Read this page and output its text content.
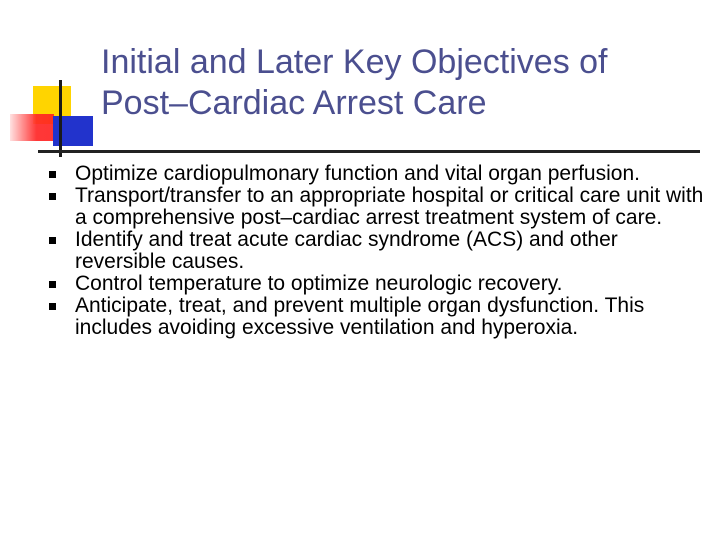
Initial and Later Key Objectives of
Post–Cardiac Arrest Care
Optimize cardiopulmonary function and vital organ perfusion.
Transport/transfer to an appropriate hospital or critical care unit with a comprehensive post–cardiac arrest treatment system of care.
Identify and treat acute cardiac syndrome (ACS) and other reversible causes.
Control temperature to optimize neurologic recovery.
Anticipate, treat, and prevent multiple organ dysfunction. This includes avoiding excessive ventilation and hyperoxia.
